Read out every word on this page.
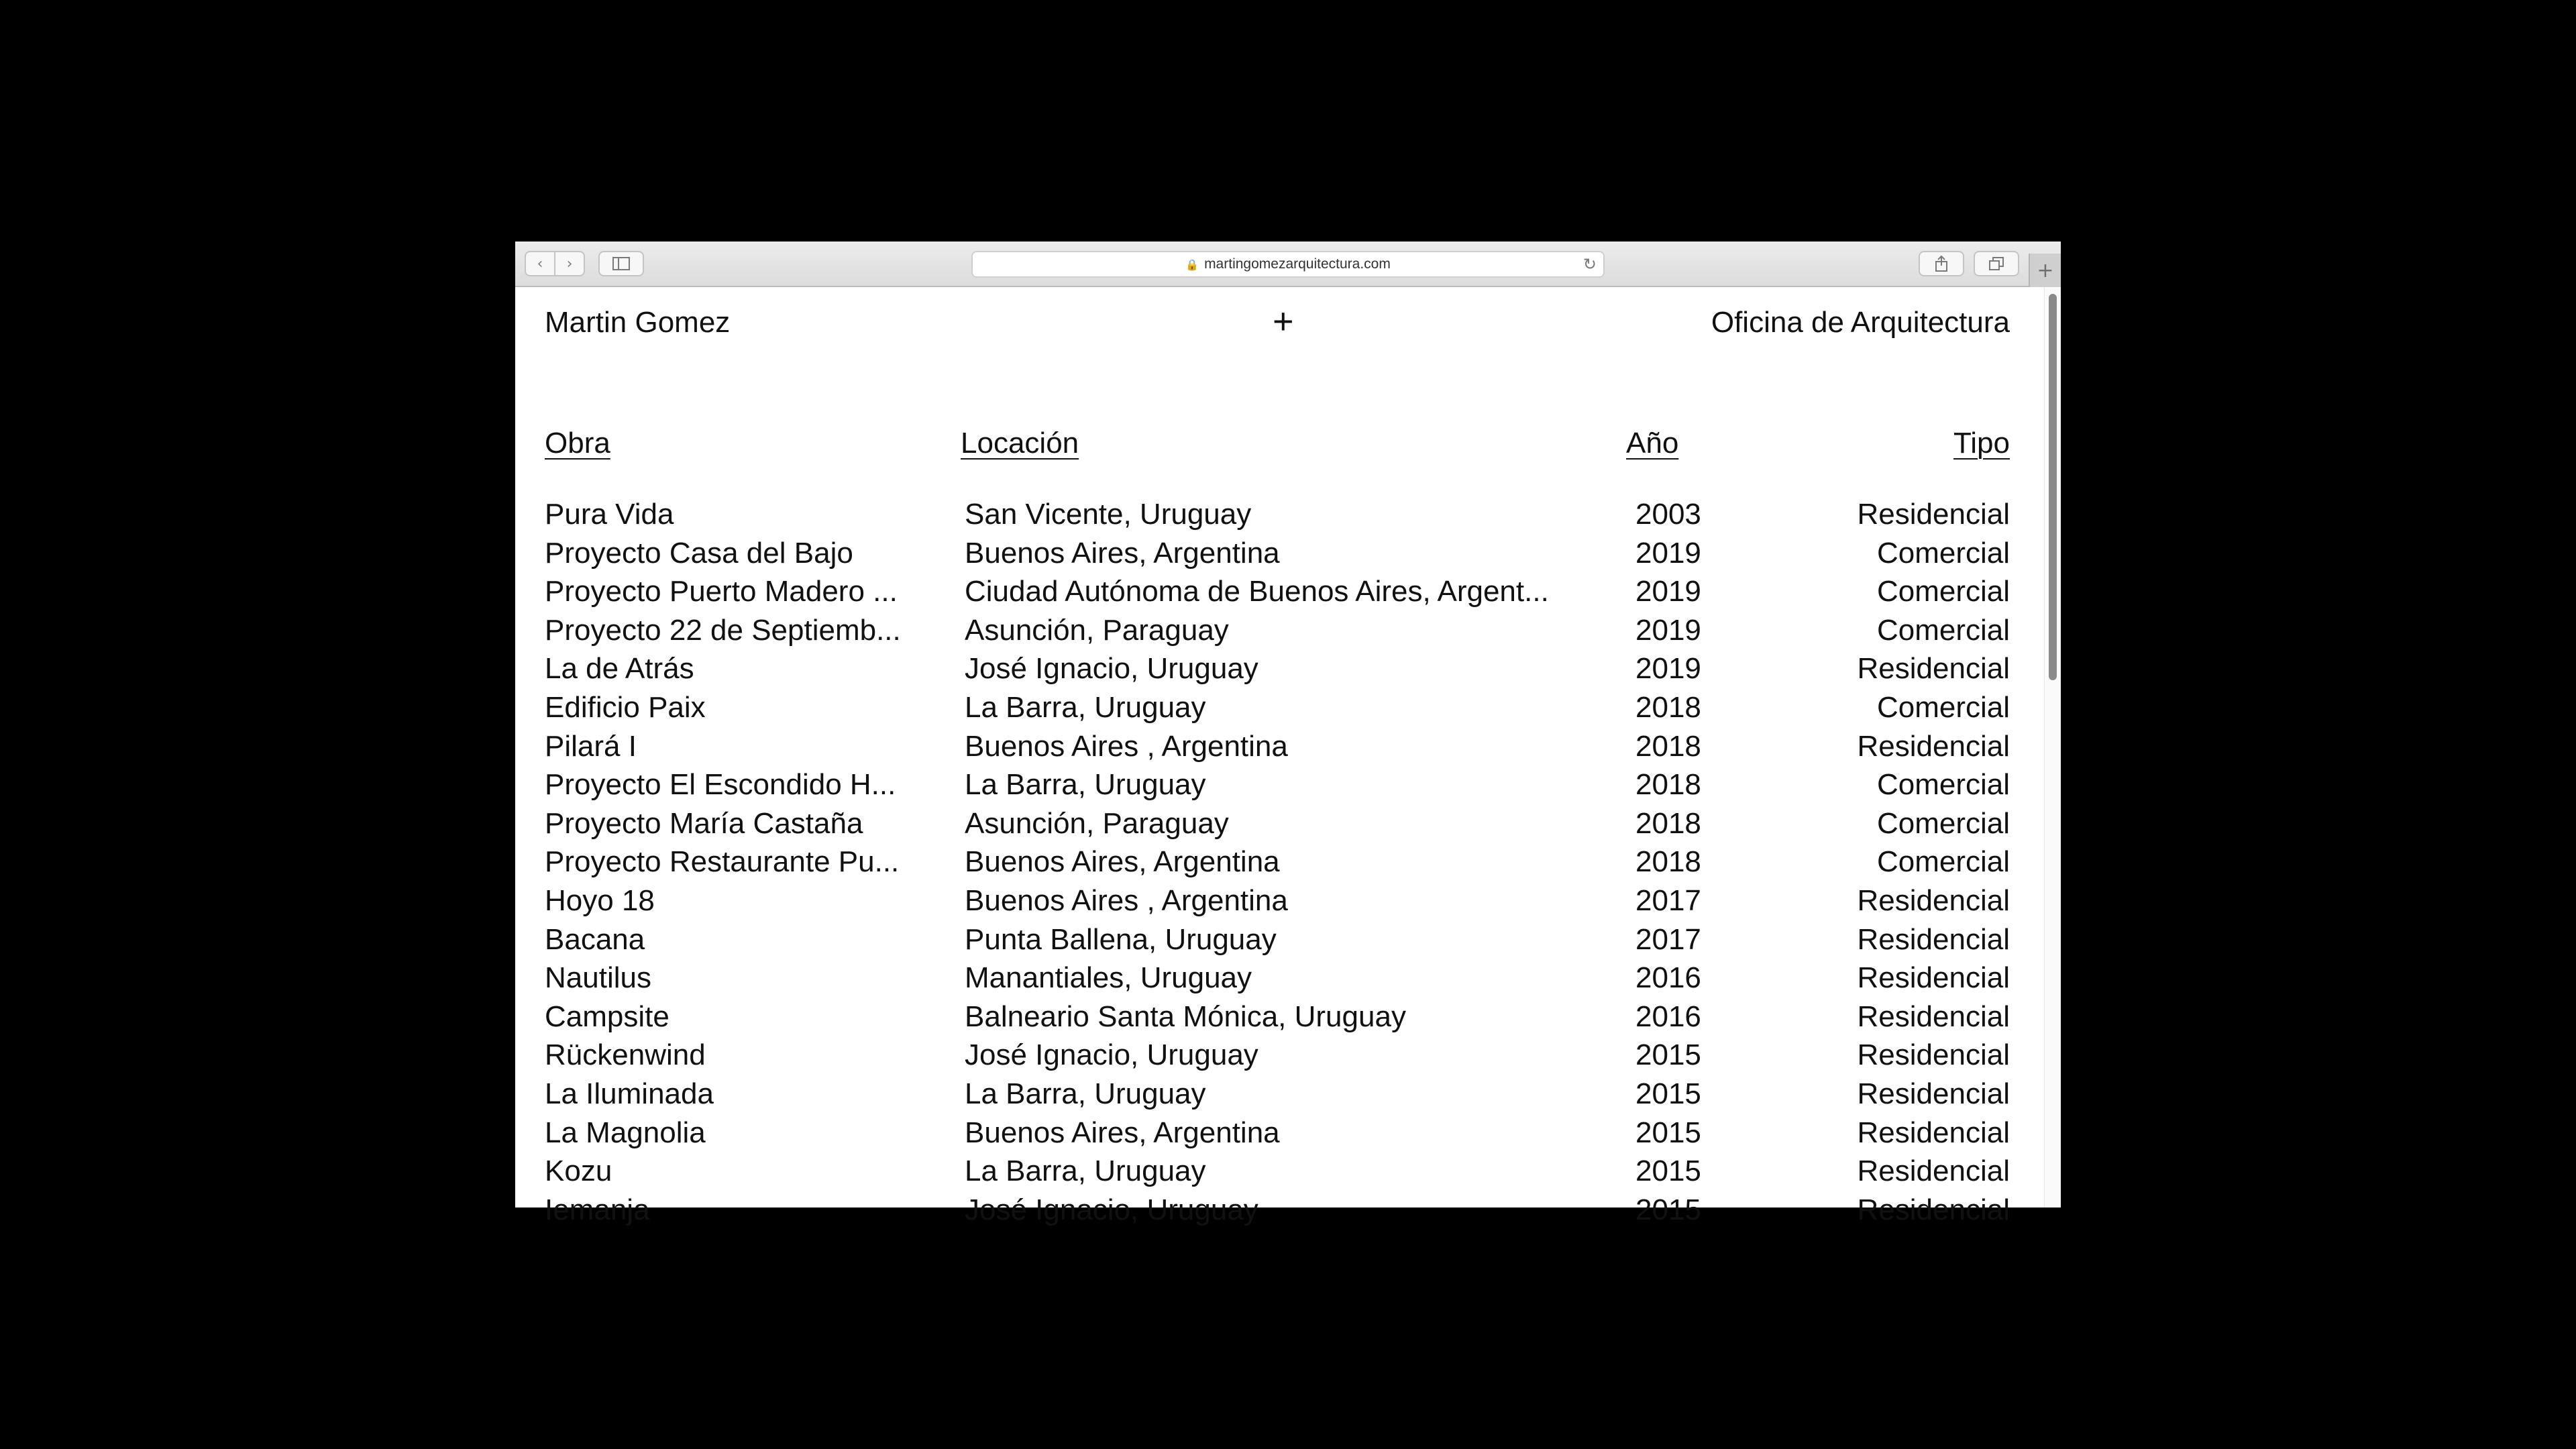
‹ ›	🔒 martingomezarquitectura.com	↻	+
Martin Gomez	+	Oficina de Arquitectura
Obra	Locación	Año	Tipo
Pura Vida	San Vicente, Uruguay	2003	Residencial
Proyecto Casa del Bajo	Buenos Aires, Argentina	2019	Comercial
Proyecto Puerto Madero ...	Ciudad Autónoma de Buenos Aires, Argent...	2019	Comercial
Proyecto 22 de Septiemb...	Asunción, Paraguay	2019	Comercial
La de Atrás	José Ignacio, Uruguay	2019	Residencial
Edificio Paix	La Barra, Uruguay	2018	Comercial
Pilará I	Buenos Aires , Argentina	2018	Residencial
Proyecto El Escondido H...	La Barra, Uruguay	2018	Comercial
Proyecto María Castaña	Asunción, Paraguay	2018	Comercial
Proyecto Restaurante Pu...	Buenos Aires, Argentina	2018	Comercial
Hoyo 18	Buenos Aires , Argentina	2017	Residencial
Bacana	Punta Ballena, Uruguay	2017	Residencial
Nautilus	Manantiales, Uruguay	2016	Residencial
Campsite	Balneario Santa Mónica, Uruguay	2016	Residencial
Rückenwind	José Ignacio, Uruguay	2015	Residencial
La Iluminada	La Barra, Uruguay	2015	Residencial
La Magnolia	Buenos Aires, Argentina	2015	Residencial
Kozu	La Barra, Uruguay	2015	Residencial
Iemanja	José Ignacio, Uruguay	2015	Residencial
